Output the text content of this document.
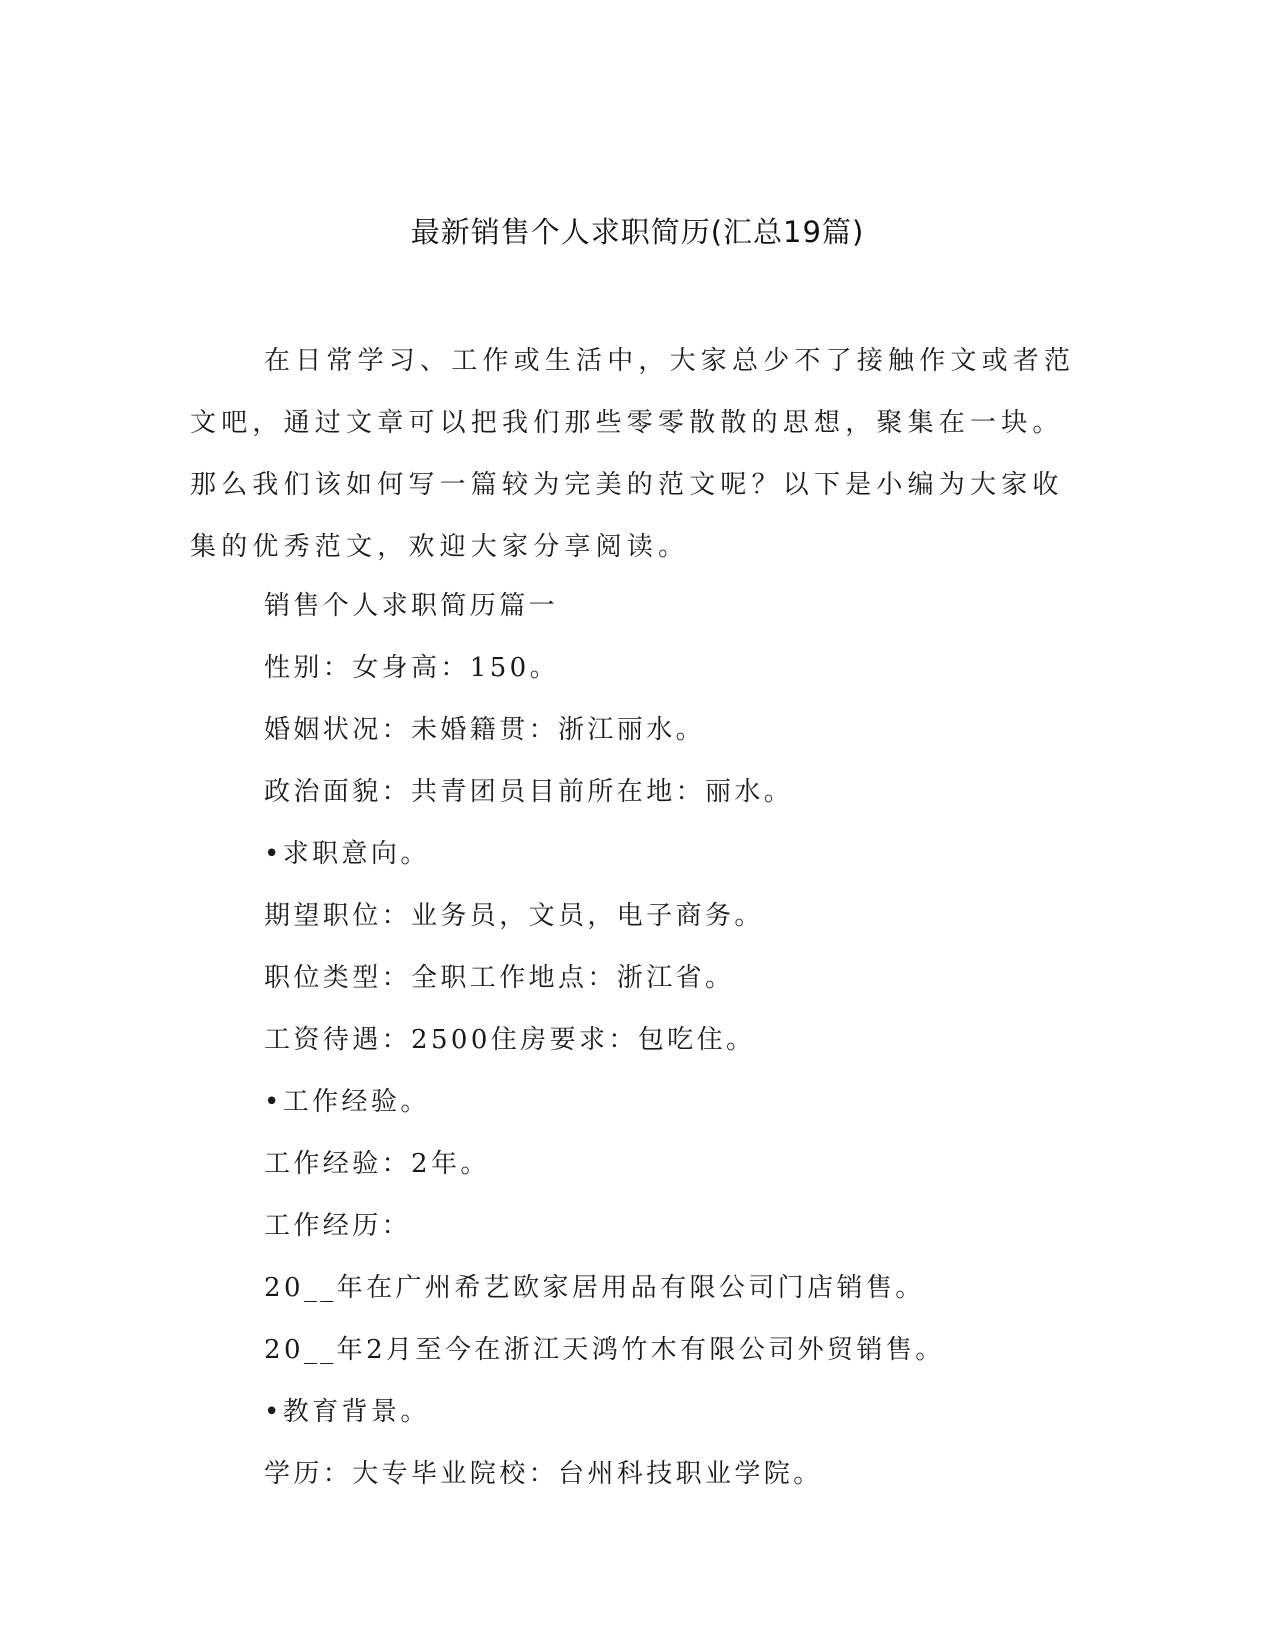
最新销售个人求职简历(汇总19篇)

在日常学习、工作或生活中，大家总少不了接触作文或者范文吧，通过文章可以把我们那些零零散散的思想，聚集在一块。那么我们该如何写一篇较为完美的范文呢？以下是小编为大家收集的优秀范文，欢迎大家分享阅读。

销售个人求职简历篇一
性别：女身高：150。
婚姻状况：未婚籍贯：浙江丽水。
政治面貌：共青团员目前所在地：丽水。
•求职意向。
期望职位：业务员，文员，电子商务。
职位类型：全职工作地点：浙江省。
工资待遇：2500住房要求：包吃住。
•工作经验。
工作经验：2年。
工作经历：
20__年在广州希艺欧家居用品有限公司门店销售。
20__年2月至今在浙江天鸿竹木有限公司外贸销售。
•教育背景。
学历：大专毕业院校：台州科技职业学院。
